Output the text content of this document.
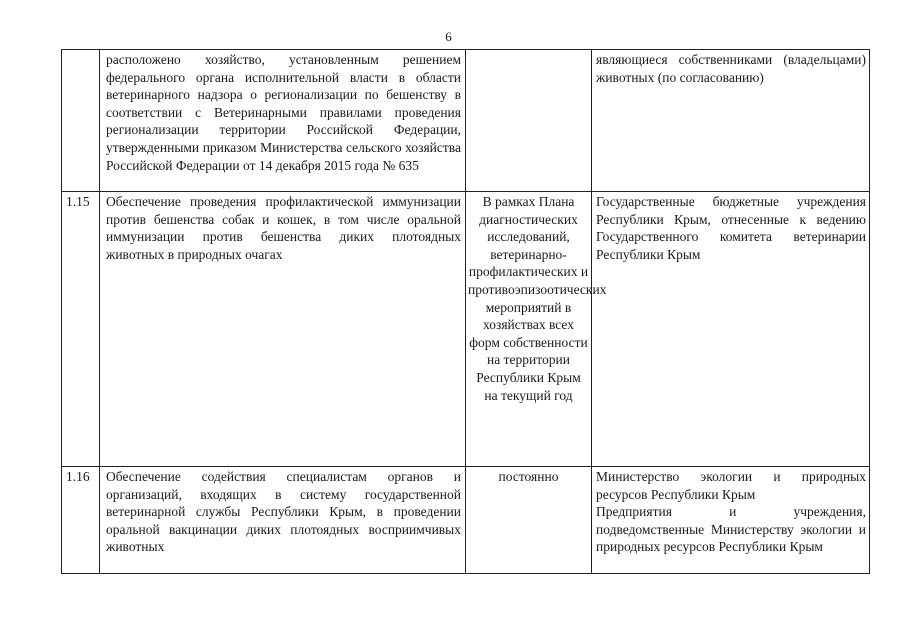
6
	расположено хозяйство, установленным решением федерального органа исполнительной власти в области ветеринарного надзора о регионализации по бешенству в соответствии с Ветеринарными правилами проведения регионализации территории Российской Федерации, утвержденными приказом Министерства сельского хозяйства Российской Федерации от 14 декабря 2015 года № 635		являющиеся собственниками (владельцами) животных (по согласованию)

1.15	Обеспечение проведения профилактической иммунизации против бешенства собак и кошек, в том числе оральной иммунизации против бешенства диких плотоядных животных в природных очагах	В рамках Плана диагностических исследований, ветеринарно-профилактических и противоэпизоотических мероприятий в хозяйствах всех форм собственности на территории Республики Крым на текущий год	Государственные бюджетные учреждения Республики Крым, отнесенные к ведению Государственного комитета ветеринарии Республики Крым

1.16	Обеспечение содействия специалистам органов и организаций, входящих в систему государственной ветеринарной службы Республики Крым, в проведении оральной вакцинации диких плотоядных восприимчивых животных	постоянно	Министерство экологии и природных ресурсов Республики Крым
Предприятия и учреждения, подведомственные Министерству экологии и природных ресурсов Республики Крым
